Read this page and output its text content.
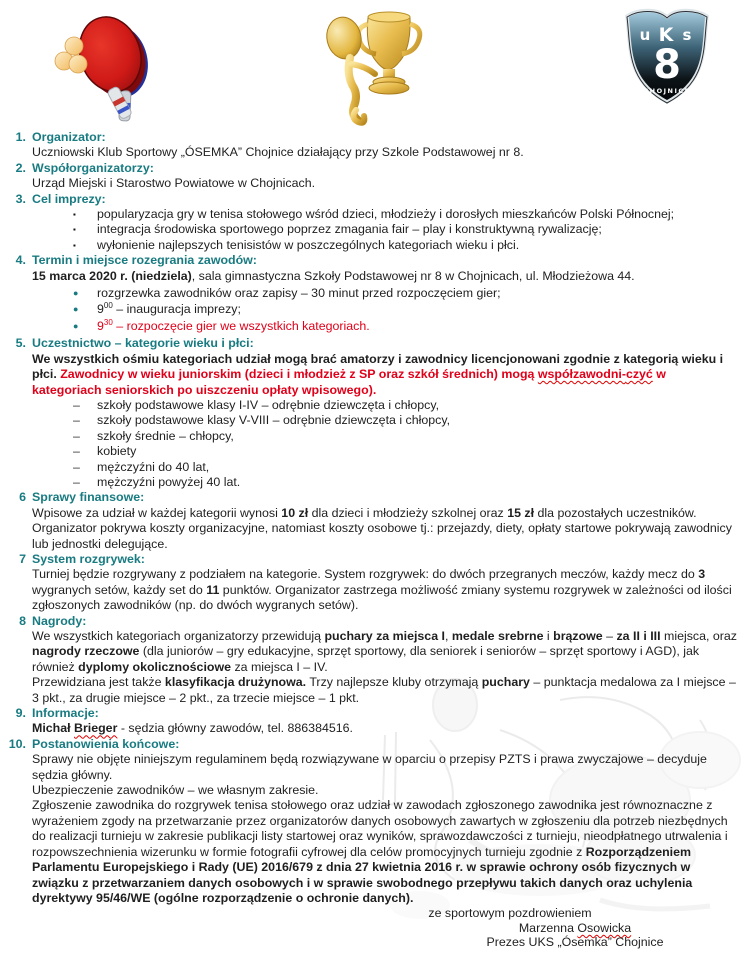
u K s
8
CHOJNICE
1. Organizator:
Uczniowski Klub Sportowy „ÓSEMKA” Chojnice działający przy Szkole Podstawowej nr 8.
2. Współorganizatorzy:
Urząd Miejski i Starostwo Powiatowe w Chojnicach.
3. Cel imprezy:
▪	popularyzacja gry w tenisa stołowego wśród dzieci, młodzieży i dorosłych mieszkańców Polski Północnej;
▪	integracja środowiska sportowego poprzez zmagania fair – play i konstruktywną rywalizację;
▪	wyłonienie najlepszych tenisistów w poszczególnych kategoriach wieku i płci.
4. Termin i miejsce rozegrania zawodów:
15 marca 2020 r. (niedziela), sala gimnastyczna Szkoły Podstawowej nr 8 w Chojnicach, ul. Młodzieżowa 44.
●	rozgrzewka zawodników oraz zapisy – 30 minut przed rozpoczęciem gier;
●	$9^{00}$ – inauguracja imprezy;
●	$9^{30}$ – rozpoczęcie gier we wszystkich kategoriach.
5. Uczestnictwo – kategorie wieku i płci:
We wszystkich ośmiu kategoriach udział mogą brać amatorzy i zawodnicy licencjonowani zgodnie z kategorią wieku i płci. Zawodnicy w wieku juniorskim (dzieci i młodzież z SP oraz szkół średnich) mogą współzawodni-czyć w kategoriach seniorskich po uiszczeniu opłaty wpisowego).
–	szkoły podstawowe klasy I-IV – odrębnie dziewczęta i chłopcy,
–	szkoły podstawowe klasy V-VIII – odrębnie dziewczęta i chłopcy,
–	szkoły średnie – chłopcy,
–	kobiety
–	mężczyźni do 40 lat,
–	mężczyźni powyżej 40 lat.
6 Sprawy finansowe:
Wpisowe za udział w każdej kategorii wynosi 10 zł dla dzieci i młodzieży szkolnej oraz 15 zł dla pozostałych uczestników. Organizator pokrywa koszty organizacyjne, natomiast koszty osobowe tj.: przejazdy, diety, opłaty startowe pokrywają zawodnicy lub jednostki delegujące.
7 System rozgrywek:
Turniej będzie rozgrywany z podziałem na kategorie. System rozgrywek: do dwóch przegranych meczów, każdy mecz do 3 wygranych setów, każdy set do 11 punktów. Organizator zastrzega możliwość zmiany systemu rozgrywek w zależności od ilości zgłoszonych zawodników (np. do dwóch wygranych setów).
8 Nagrody:
We wszystkich kategoriach organizatorzy przewidują puchary za miejsca I, medale srebrne i brązowe – za II i III miejsca, oraz nagrody rzeczowe (dla juniorów – gry edukacyjne, sprzęt sportowy, dla seniorek i seniorów – sprzęt sportowy i AGD), jak również dyplomy okolicznościowe za miejsca I – IV.
Przewidziana jest także klasyfikacja drużynowa. Trzy najlepsze kluby otrzymają puchary – punktacja medalowa za I miejsce – 3 pkt., za drugie miejsce – 2 pkt., za trzecie miejsce – 1 pkt.
9. Informacje:
Michał Brieger - sędzia główny zawodów, tel. 886384516.
10. Postanowienia końcowe:
Sprawy nie objęte niniejszym regulaminem będą rozwiązywane w oparciu o przepisy PZTS i prawa zwyczajowe – decyduje sędzia główny.
Ubezpieczenie zawodników – we własnym zakresie.
Zgłoszenie zawodnika do rozgrywek tenisa stołowego oraz udział w zawodach zgłoszonego zawodnika jest równoznaczne z wyrażeniem zgody na przetwarzanie przez organizatorów danych osobowych zawartych w zgłoszeniu dla potrzeb niezbędnych do realizacji turnieju w zakresie publikacji listy startowej oraz wyników, sprawozdawczości z turnieju, nieodpłatnego utrwalenia i rozpowszechnienia wizerunku w formie fotografii cyfrowej dla celów promocyjnych turnieju zgodnie z Rozporządzeniem Parlamentu Europejskiego i Rady (UE) 2016/679 z dnia 27 kwietnia 2016 r. w sprawie ochrony osób fizycznych w związku z przetwarzaniem danych osobowych i w sprawie swobodnego przepływu takich danych oraz uchylenia dyrektywy 95/46/WE (ogólne rozporządzenie o ochronie danych).
ze sportowym pozdrowieniem
Marzenna Osowicka
Prezes UKS „Ósemka” Chojnice
